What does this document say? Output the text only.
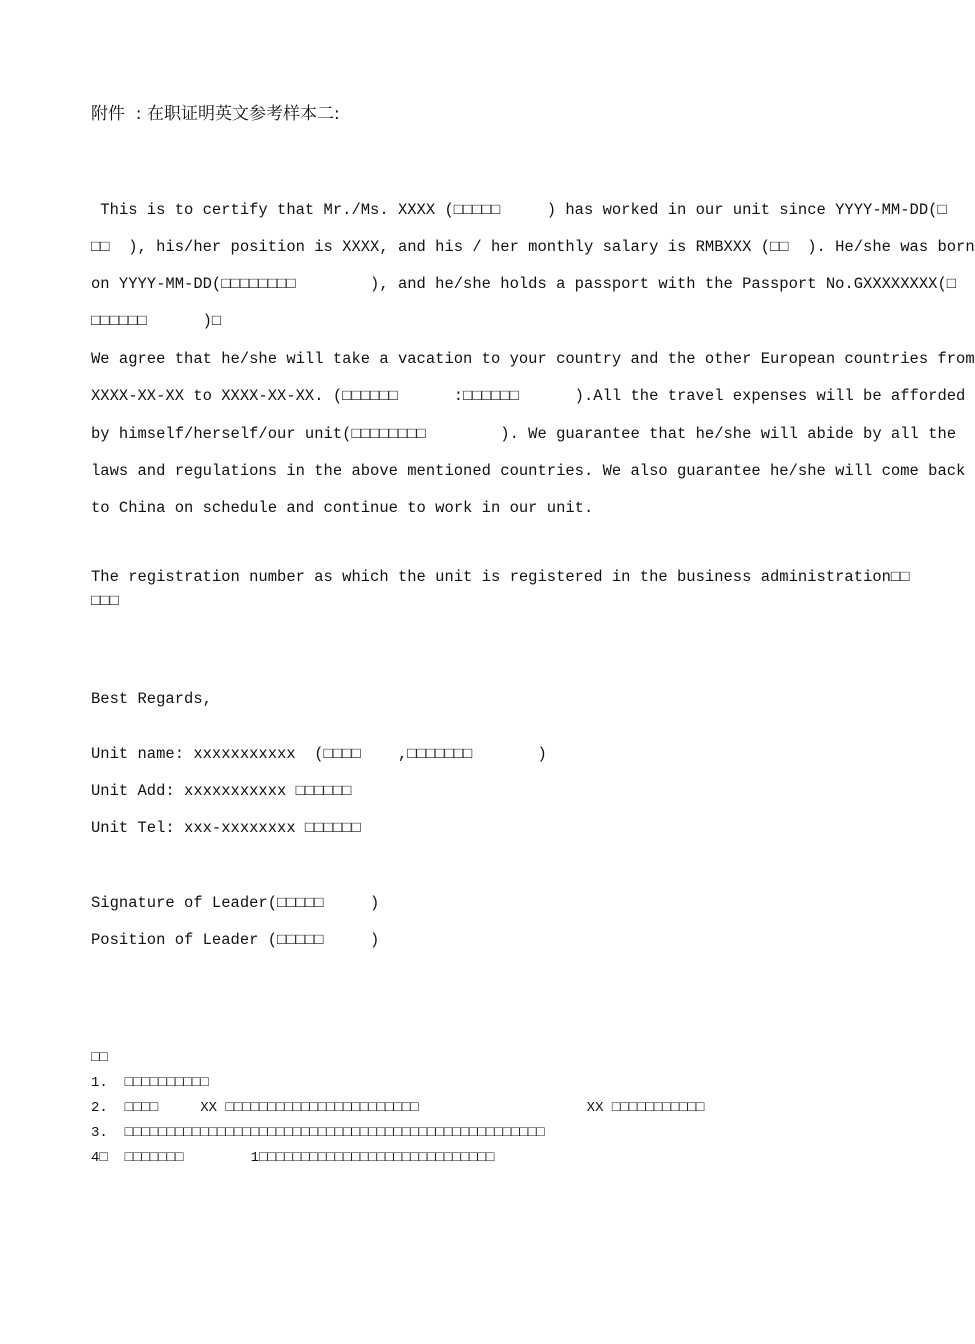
附件  : 在职证明英文参考样本二:
This is to certify that Mr./Ms. XXXX (□□□□□     ) has worked in our unit since YYYY-MM-DD(□
□□  ), his/her position is XXXX, and his / her monthly salary is RMBXXX (□□  ). He/she was born
on YYYY-MM-DD(□□□□□□□□        ), and he/she holds a passport with the Passport No.GXXXXXXXX(□
□□□□□□      )□
We agree that he/she will take a vacation to your country and the other European countries from
XXXX-XX-XX to XXXX-XX-XX. (□□□□□□      :□□□□□□      ).All the travel expenses will be afforded
by himself/herself/our unit(□□□□□□□□        ). We guarantee that he/she will abide by all the
laws and regulations in the above mentioned countries. We also guarantee he/she will come back
to China on schedule and continue to work in our unit.
The registration number as which the unit is registered in the business administration□□
□□□
Best Regards,
Unit name: xxxxxxxxxxx  (□□□□    ,□□□□□□□       )
Unit Add: xxxxxxxxxxx □□□□□□
Unit Tel: xxx-xxxxxxxx □□□□□□
Signature of Leader(□□□□□     )
Position of Leader (□□□□□     )
□□
1.  □□□□□□□□□□
2.  □□□□     XX □□□□□□□□□□□□□□□□□□□□□□□                    XX □□□□□□□□□□□
3.  □□□□□□□□□□□□□□□□□□□□□□□□□□□□□□□□□□□□□□□□□□□□□□□□□□
4□  □□□□□□□        1□□□□□□□□□□□□□□□□□□□□□□□□□□□□
